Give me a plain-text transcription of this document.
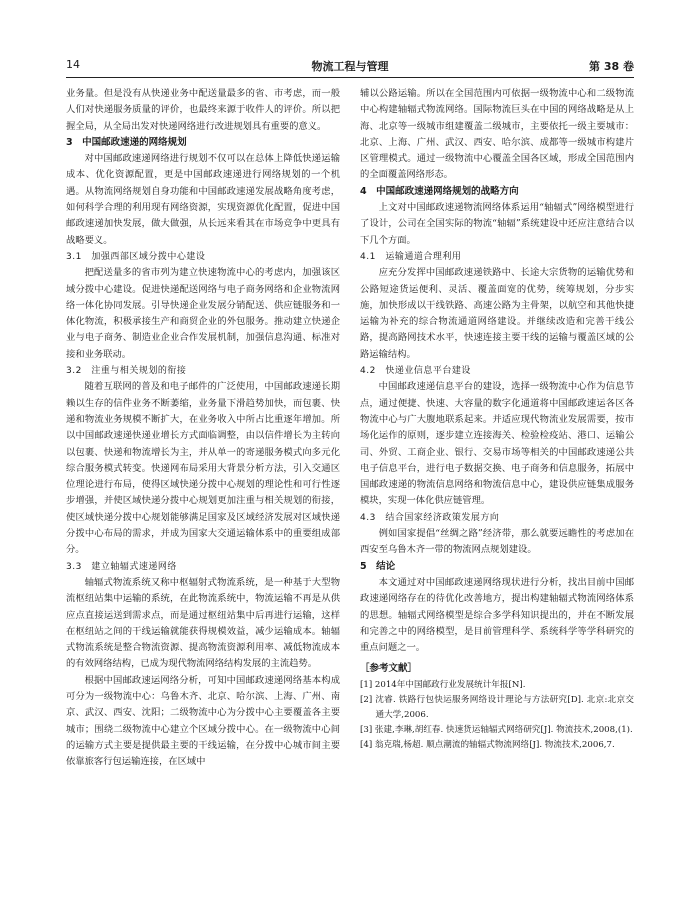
14	物流工程与管理	第 38 卷

业务量。但是没有从快递业务中配送量最多的省、市考虑，而一般人们对快递服务质量的评价，也最终来源于收件人的评价。所以把握全局，从全局出发对快递网络进行改进规划具有重要的意义。

3　中国邮政速递的网络规划

对中国邮政速递网络进行规划不仅可以在总体上降低快递运输成本、优化资源配置，更是中国邮政速递进行网络规划的一个机遇。从物流网络规划自身功能和中国邮政速递发展战略角度考虑，如何科学合理的利用现有网络资源，实现资源优化配置，促进中国邮政速递加快发展，做大做强，从长远来看其在市场竞争中更具有战略要义。

3.1　加强西部区域分拨中心建设

把配送量多的省市列为建立快速物流中心的考虑内，加强该区域分拨中心建设。促进快递配送网络与电子商务网络和企业物流网络一体化协同发展。引导快递企业发展分销配送、供应链服务和一体化物流，积极承接生产和商贸企业的外包服务。推动建立快递企业与电子商务、制造业企业合作发展机制，加强信息沟通、标准对接和业务联动。

3.2　注重与相关规划的衔接

随着互联网的普及和电子邮件的广泛使用，中国邮政速递长期赖以生存的信件业务不断萎缩，业务量下滑趋势加快，而包裹、快递和物流业务规模不断扩大，在业务收入中所占比重逐年增加。所以中国邮政速递快递业增长方式面临调整，由以信件增长为主转向以包裹、快递和物流增长为主，并从单一的寄递服务模式向多元化综合服务模式转变。快递网布局采用大背景分析方法，引入交通区位理论进行布局，使得区域快递分拨中心规划的理论性和可行性逐步增强，并使区域快递分拨中心规划更加注重与相关规划的衔接，使区域快递分拨中心规划能够满足国家及区域经济发展对区域快递分拨中心布局的需求，并成为国家大交通运输体系中的重要组成部分。

3.3　建立轴辐式速递网络

轴辐式物流系统又称中枢辐射式物流系统，是一种基于大型物流枢纽站集中运输的系统，在此物流系统中，物流运输不再是从供应点直接运送到需求点，而是通过枢纽站集中后再进行运输，这样在枢纽站之间的干线运输就能获得规模效益，减少运输成本。轴辐式物流系统是整合物流资源、提高物流资源利用率、减低物流成本的有效网络结构，已成为现代物流网络结构发展的主流趋势。

根据中国邮政速运网络分析，可知中国邮政速递网络基本构成可分为一级物流中心：乌鲁木齐、北京、哈尔滨、上海、广州、南京、武汉、西安、沈阳；二级物流中心为分拨中心主要覆盖各主要城市；围绕二级物流中心建立个区域分拨中心。在一级物流中心间的运输方式主要是提供最主要的干线运输，在分拨中心城市间主要依靠旅客行包运输连接，在区域中

辅以公路运输。所以在全国范围内可依据一级物流中心和二级物流中心构建轴辐式物流网络。国际物流巨头在中国的网络战略是从上海、北京等一级城市组建覆盖二级城市，主要依托一级主要城市：北京、上海、广州、武汉、西安、哈尔滨、成都等一级城市构建片区管理模式。通过一级物流中心覆盖全国各区域，形成全国范围内的全面覆盖网络形态。

4　中国邮政速递网络规划的战略方向

上文对中国邮政速递物流网络体系运用“轴辐式”网络模型进行了设计，公司在全国实际的物流“轴辐”系统建设中还应注意结合以下几个方面。

4.1　运输通道合理利用

应充分发挥中国邮政速递铁路中、长途大宗货物的运输优势和公路短途货运便利、灵活、覆盖面宽的优势，统筹规划，分步实施，加快形成以干线铁路、高速公路为主骨架，以航空和其他快捷运输为补充的综合物流通道网络建设。并继续改造和完善干线公路，提高路网技术水平，快速连接主要干线的运输与覆盖区域的公路运输结构。

4.2　快递业信息平台建设

中国邮政速递信息平台的建设，选择一级物流中心作为信息节点，通过便捷、快速、大容量的数字化通道将中国邮政速运各区各物流中心与广大腹地联系起来。并适应现代物流业发展需要，按市场化运作的原则，逐步建立连接海关、检验检疫站、港口、运输公司、外贸、工商企业、银行、交易市场等相关的中国邮政速递公共电子信息平台，进行电子数据交换、电子商务和信息服务，拓展中国邮政速递的物流信息网络和物流信息中心，建设供应链集成服务模块，实现一体化供应链管理。

4.3　结合国家经济政策发展方向

例如国家提倡“丝绸之路”经济带，那么就要远瞻性的考虑加在西安至乌鲁木齐一带的物流网点规划建设。

5　结论

本文通过对中国邮政速递网络现状进行分析，找出目前中国邮政速递网络存在的待优化改善地方，提出构建轴辐式物流网络体系的思想。轴辐式网络模型是综合多学科知识提出的，并在不断发展和完善之中的网络模型，是目前管理科学、系统科学等学科研究的重点问题之一。

［参考文献］

[1] 2014年中国邮政行业发展统计年报[N].

[2] 沈睿. 铁路行包快运服务网络设计理论与方法研究[D]. 北京:北京交通大学,2006.

[3] 张建,李琳,胡红春. 快速货运轴辐式网络研究[J]. 物流技术,2008,(1).

[4] 翁克瑞,杨超. 顺点潮流的轴辐式物流网络[J]. 物流技术,2006,7.
